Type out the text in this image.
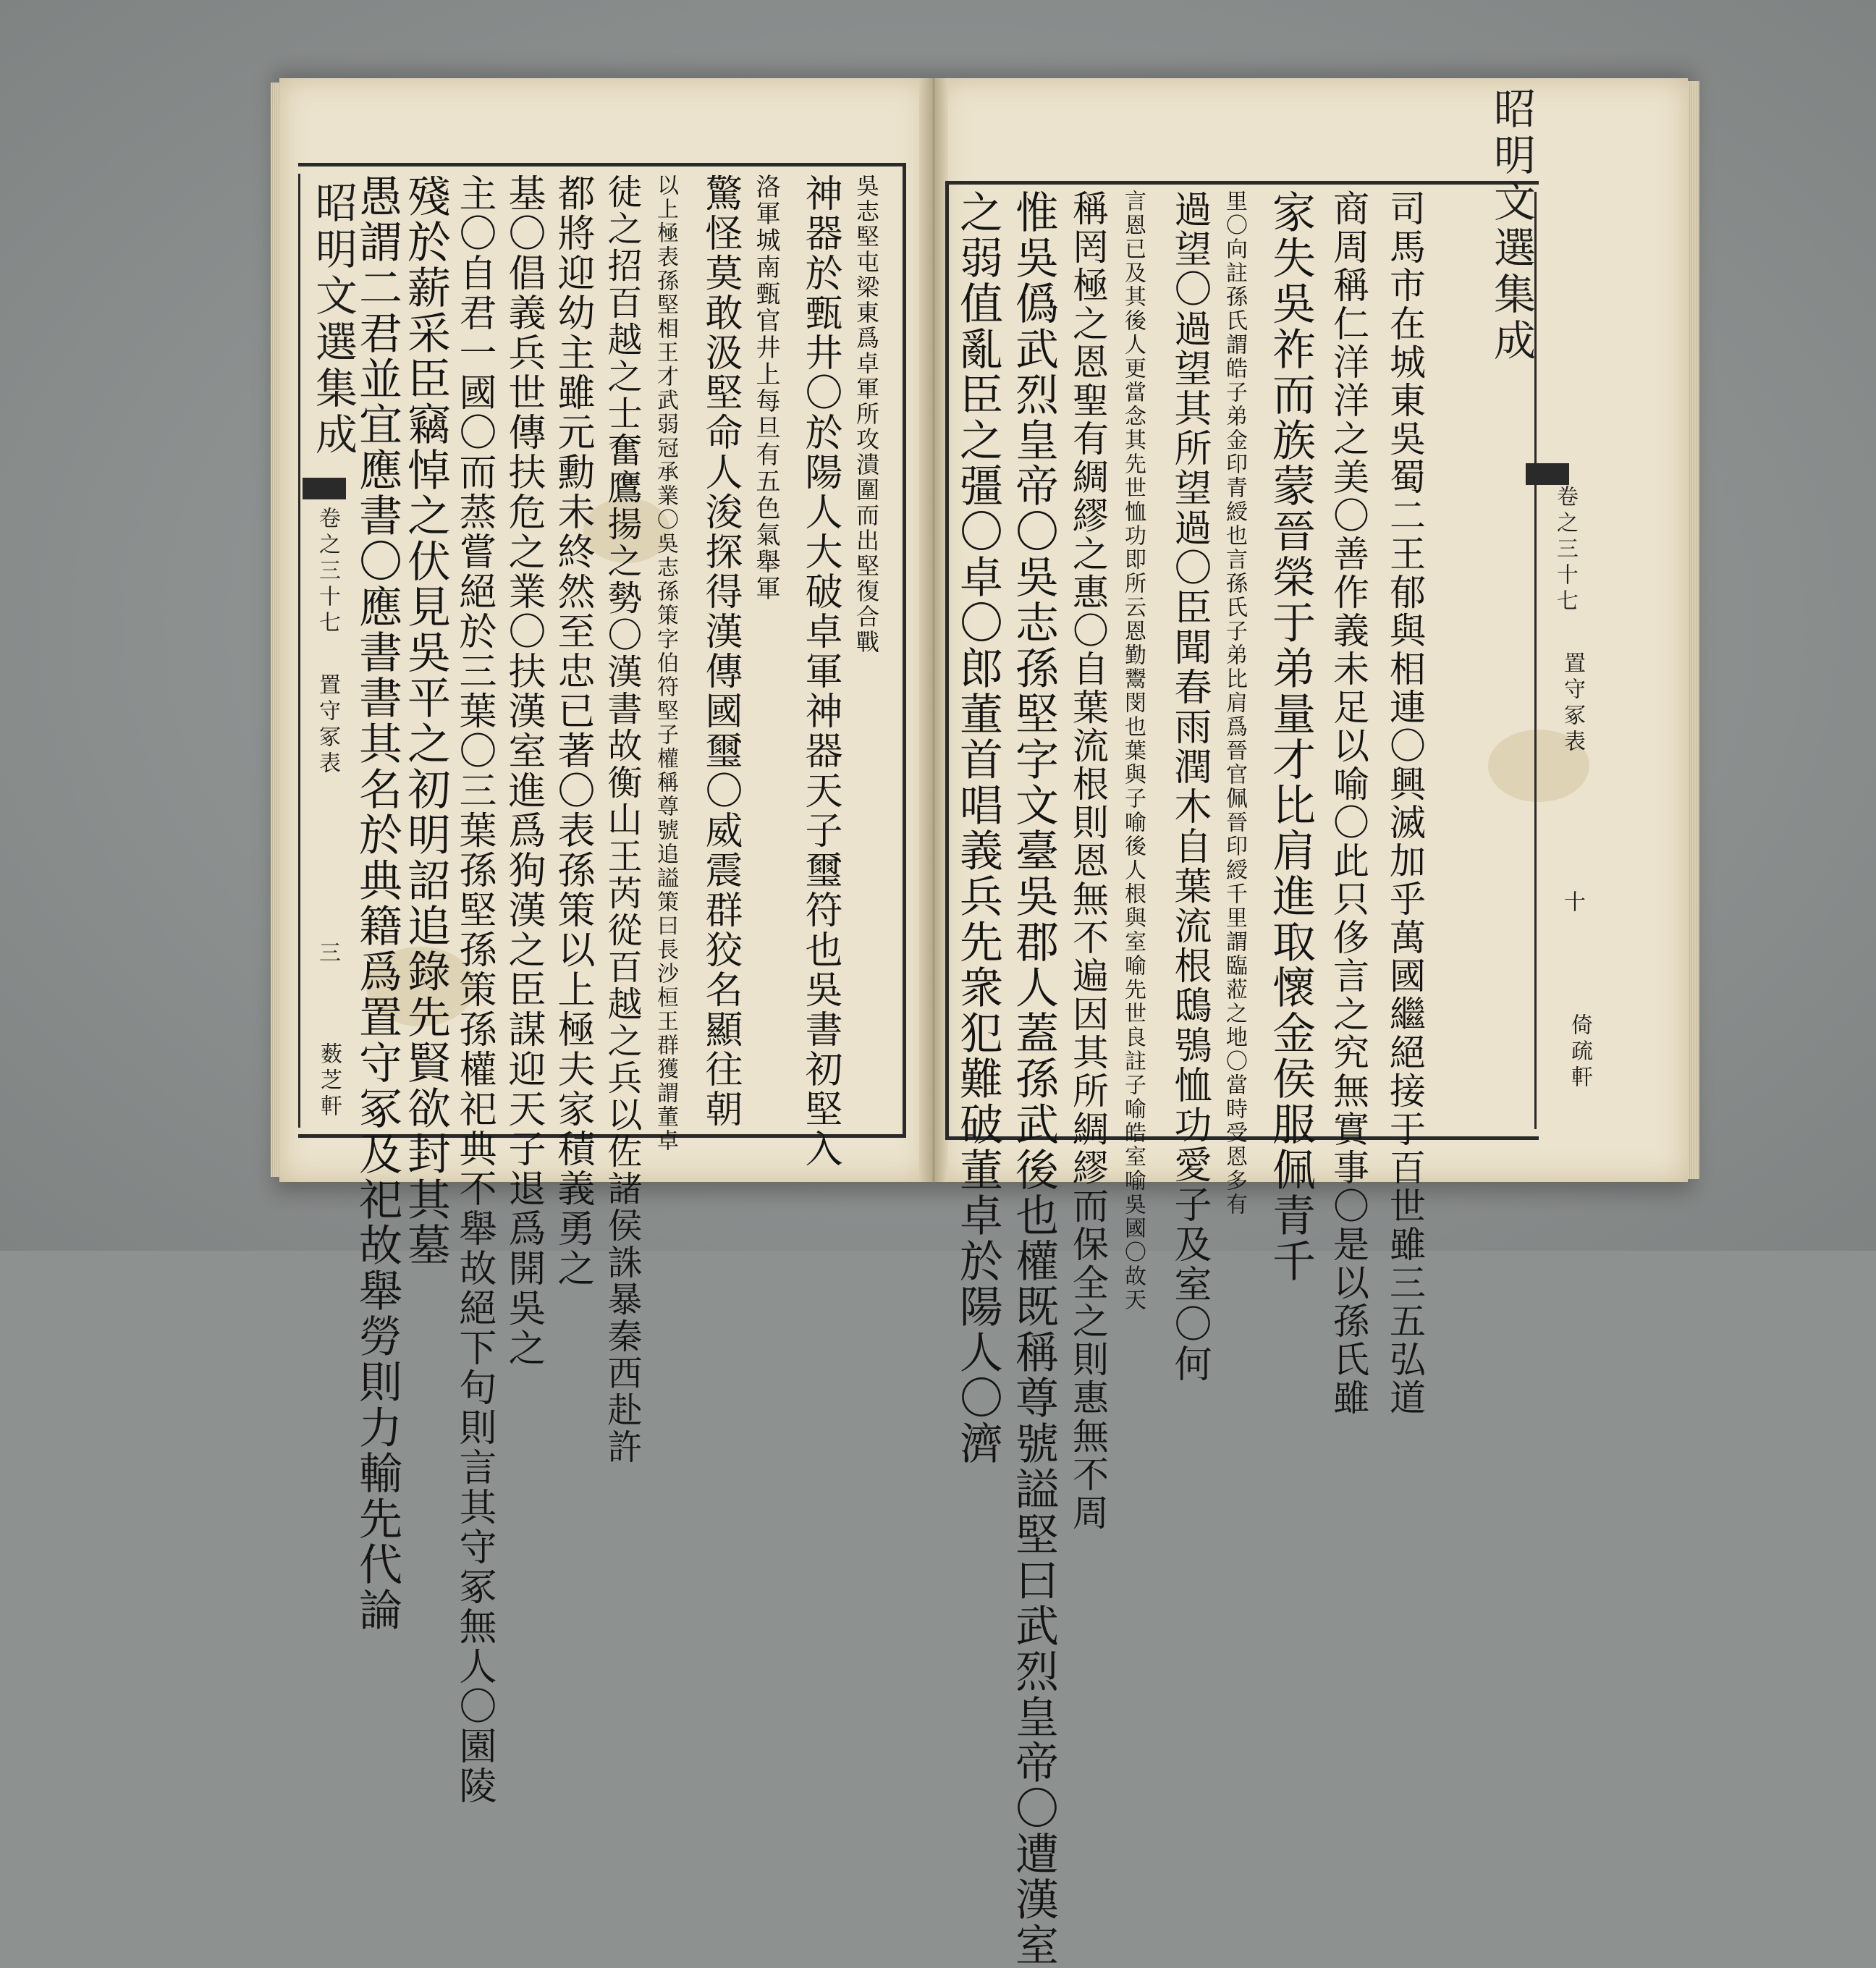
昭明文選集成
卷之三十七
置守冢表
三
薮芝軒 愚謂二君並宜應書〇應書書其名於典籍爲置守冢及祀故舉勞則力輸先代論
殘於薪采臣竊悼之伏見吳平之初明詔追錄先賢欲封其墓 主〇自君一國〇而蒸嘗絕於三葉〇三葉孫堅孫策孫權祀典不舉故絕下句則言其守冢無人〇園陵 基〇倡義兵世傳扶危之業〇扶漢室進爲狗漢之臣謀迎天子退爲開吳之 都將迎幼主雖元勳未終然至忠已著〇表孫策以上極夫家積義勇之 徒之招百越之士奮鷹揚之勢〇漢書故衡山王芮從百越之兵以佐諸侯誅暴秦西赴許 以上極表孫堅相王才武弱冠承業〇吳志孫策字伯符堅子權稱尊號追謚策曰長沙桓王群獲謂董卓 驚怪莫敢汲堅命人浚探得漢傳國璽〇威震群狡名顯往朝 洛軍城南甄官井上每旦有五色氣舉軍 神器於甄井〇於陽人大破卓軍神器天子璽符也吳書初堅入 吳志堅屯梁東爲卓軍所攻潰圍而出堅復合戰 之弱值亂臣之彊〇卓〇郎董首唱義兵先衆犯難破董卓於陽人〇濟 惟吳僞武烈皇帝〇吳志孫堅字文臺吳郡人蓋孫武後也權既稱尊號謚堅曰武烈皇帝〇遭漢室 稱罔極之恩聖有綢繆之惠〇自葉流根則恩無不遍因其所綢繆而保全之則惠無不周 言恩已及其後人更當念其先世恤功即所云恩勤鬻閔也葉與子喻後人根與室喻先世良註子喻皓室喻吳國〇故天 過望〇過望其所望過〇臣聞春雨潤木自葉流根鴟鴞恤功愛子及室〇何 里〇向註孫氏謂皓子弟金印青綬也言孫氏子弟比肩爲晉官佩晉印綬千里謂臨蒞之地〇當時受恩多有 家失吳祚而族蒙晉榮于弟量才比肩進取懷金侯服佩青千 商周稱仁洋洋之美〇善作義未足以喻〇此只侈言之究無實事〇是以孫氏雖 司馬市在城東吳蜀二王郁與相連〇興滅加乎萬國繼絕接于百世雖三五弘道 昭明文選集成
卷之三十七
置守冢表
十
倚疏軒
